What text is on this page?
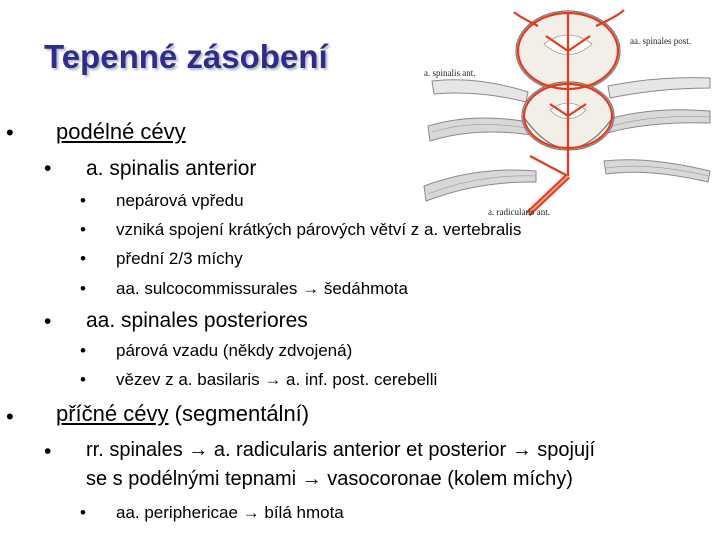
Tepenné zásobení	aa. spinales post.
a. spinalis ant.
a. radicularis ant.
• podélné cévy
• a. spinalis anterior
• nepárová vpředu
• vzniká spojení krátkých párových větví z a. vertebralis
• přední 2/3 míchy
• aa. sulcocommissurales → šedáhmota
• aa. spinales posteriores
• párová vzadu (někdy zdvojená)
• vězev z a. basilaris → a. inf. post. cerebelli
• příčné cévy (segmentální)
• rr. spinales → a. radicularis anterior et posterior → spojují
se s podélnými tepnami → vasocoronae (kolem míchy)
• aa. periphericae → bílá hmota
